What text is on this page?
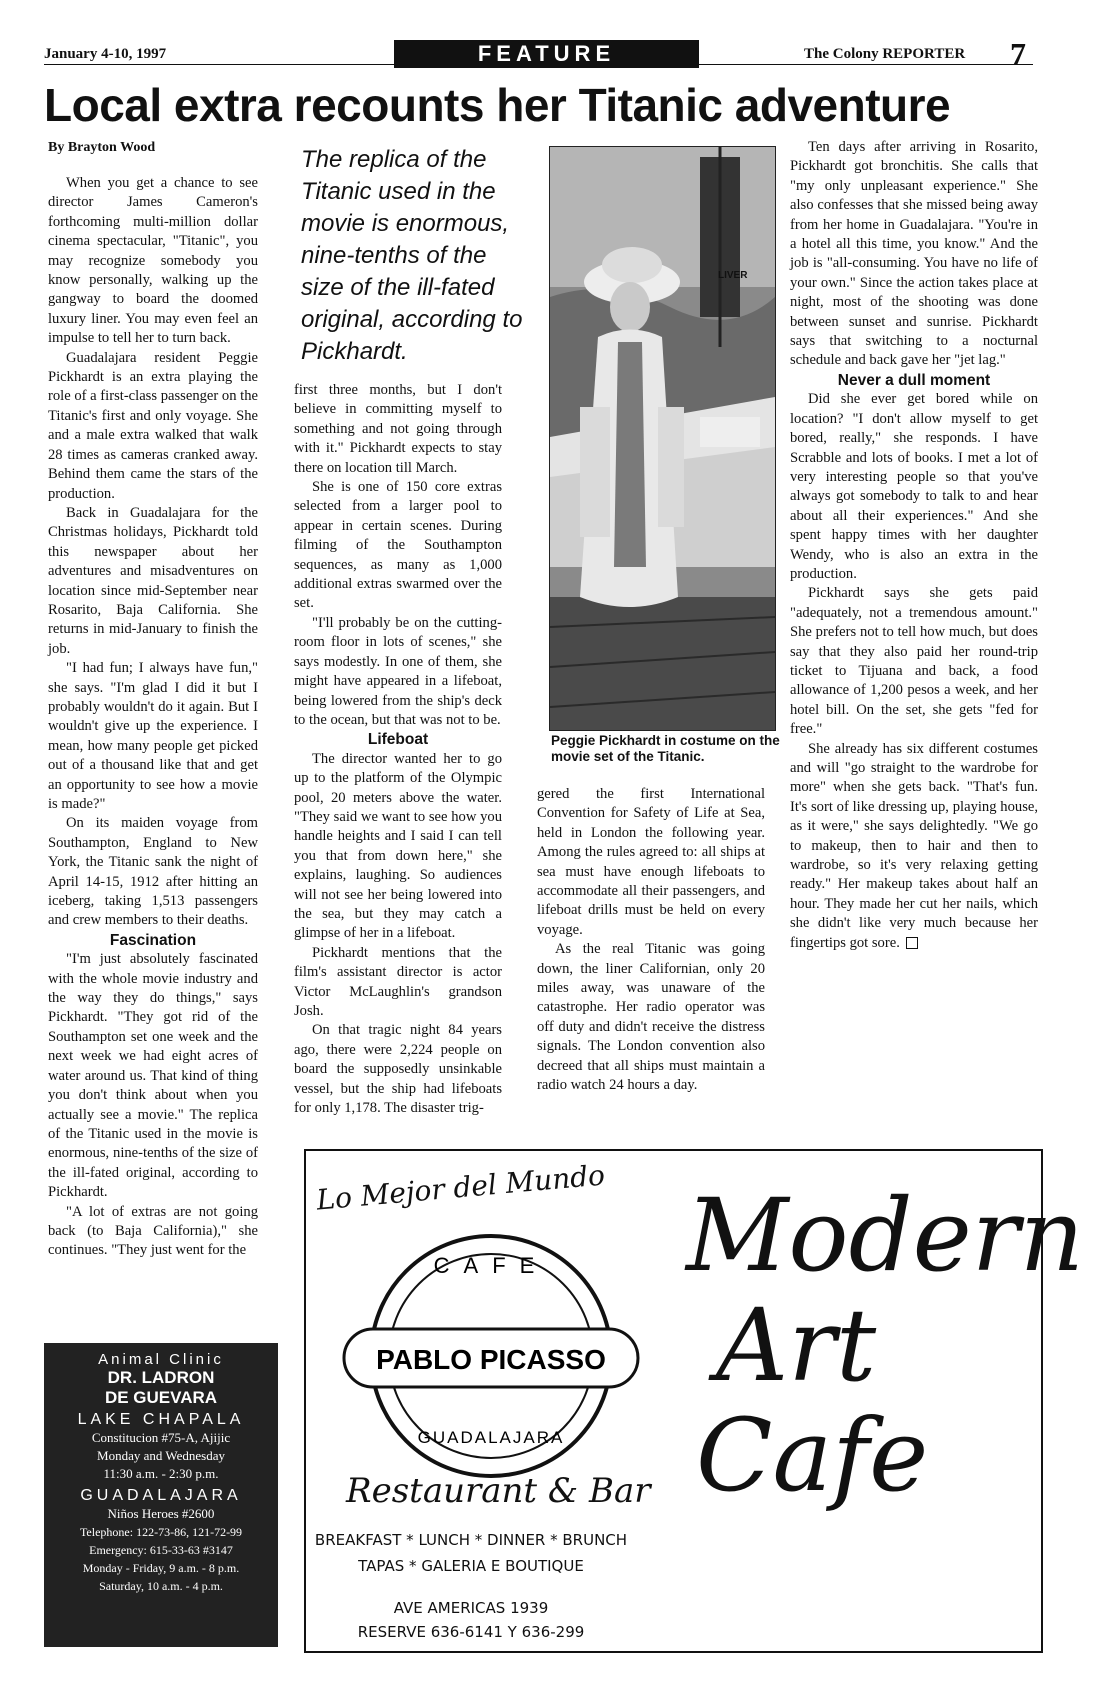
January 4-10, 1997	FEATURE	The Colony REPORTER 7
Local extra recounts her Titanic adventure
By Brayton Wood

When you get a chance to see director James Cameron's forthcoming multi-million dollar cinema spectacular, "Titanic", you may recognize somebody you know personally, walking up the gangway to board the doomed luxury liner. You may even feel an impulse to tell her to turn back.

Guadalajara resident Peggie Pickhardt is an extra playing the role of a first-class passenger on the Titanic's first and only voyage. She and a male extra walked that walk 28 times as cameras cranked away. Behind them came the stars of the production.

Back in Guadalajara for the Christmas holidays, Pickhardt told this newspaper about her adventures and misadventures on location since mid-September near Rosarito, Baja California. She returns in mid-January to finish the job.

"I had fun; I always have fun," she says. "I'm glad I did it but I probably wouldn't do it again. But I wouldn't give up the experience. I mean, how many people get picked out of a thousand like that and get an opportunity to see how a movie is made?"

On its maiden voyage from Southampton, England to New York, the Titanic sank the night of April 14-15, 1912 after hitting an iceberg, taking 1,513 passengers and crew members to their deaths.

Fascination

"I'm just absolutely fascinated with the whole movie industry and the way they do things," says Pickhardt. "They got rid of the Southampton set one week and the next week we had eight acres of water around us. That kind of thing you don't think about when you actually see a movie." The replica of the Titanic used in the movie is enormous, nine-tenths of the size of the ill-fated original, according to Pickhardt.

"A lot of extras are not going back (to Baja California)," she continues. "They just went for the

The replica of the Titanic used in the movie is enormous, nine-tenths of the size of the ill-fated original, according to Pickhardt.

first three months, but I don't believe in committing myself to something and not going through with it." Pickhardt expects to stay there on location till March.

She is one of 150 core extras selected from a larger pool to appear in certain scenes. During filming of the Southampton sequences, as many as 1,000 additional extras swarmed over the set.

"I'll probably be on the cutting-room floor in lots of scenes," she says modestly. In one of them, she might have appeared in a lifeboat, being lowered from the ship's deck to the ocean, but that was not to be.

Lifeboat

The director wanted her to go up to the platform of the Olympic pool, 20 meters above the water. "They said we want to see how you handle heights and I said I can tell you that from down here," she explains, laughing. So audiences will not see her being lowered into the sea, but they may catch a glimpse of her in a lifeboat.

Pickhardt mentions that the film's assistant director is actor Victor McLaughlin's grandson Josh.

On that tragic night 84 years ago, there were 2,224 people on board the supposedly unsinkable vessel, but the ship had lifeboats for only 1,178. The disaster trig-

LIVER
Peggie Pickhardt in costume on the movie set of the Titanic.

gered the first International Convention for Safety of Life at Sea, held in London the following year. Among the rules agreed to: all ships at sea must have enough lifeboats to accommodate all their passengers, and lifeboat drills must be held on every voyage.

As the real Titanic was going down, the liner Californian, only 20 miles away, was unaware of the catastrophe. Her radio operator was off duty and didn't receive the distress signals. The London convention also decreed that all ships must maintain a radio watch 24 hours a day.

Ten days after arriving in Rosarito, Pickhardt got bronchitis. She calls that "my only unpleasant experience." She also confesses that she missed being away from her home in Guadalajara. "You're in a hotel all this time, you know." And the job is "all-consuming. You have no life of your own." Since the action takes place at night, most of the shooting was done between sunset and sunrise. Pickhardt says that switching to a nocturnal schedule and back gave her "jet lag."

Never a dull moment

Did she ever get bored while on location? "I don't allow myself to get bored, really," she responds. I have Scrabble and lots of books. I met a lot of very interesting people so that you've always got somebody to talk to and hear about all their experiences." And she spent happy times with her daughter Wendy, who is also an extra in the production.

Pickhardt says she gets paid "adequately, not a tremendous amount." She prefers not to tell how much, but does say that they also paid her round-trip ticket to Tijuana and back, a food allowance of 1,200 pesos a week, and her hotel bill. On the set, she gets "fed for free."

She already has six different costumes and will "go straight to the wardrobe for more" when she gets back. "That's fun. It's sort of like dressing up, playing house, as it were," she says delightedly. "We go to makeup, then to hair and then to wardrobe, so it's very relaxing getting ready." Her makeup takes about half an hour. They made her cut her nails, which she didn't like very much because her fingertips got sore.

Animal Clinic
DR. LADRON
DE GUEVARA
LAKE CHAPALA
Constitucion #75-A, Ajijic
Monday and Wednesday
11:30 a.m. - 2:30 p.m.
GUADALAJARA
Niños Heroes #2600
Telephone: 122-73-86, 121-72-99
Emergency: 615-33-63 #3147
Monday - Friday, 9 a.m. - 8 p.m.
Saturday, 10 a.m. - 4 p.m.
Lo Mejor del Mundo
PABLO PICASSO
CAFE
GUADALAJARA
Restaurant & Bar
BREAKFAST * LUNCH * DINNER * BRUNCH
TAPAS * GALERIA E BOUTIQUE
AVE AMERICAS 1939
RESERVE 636-6141 Y 636-299
Modern
Art
Cafe
